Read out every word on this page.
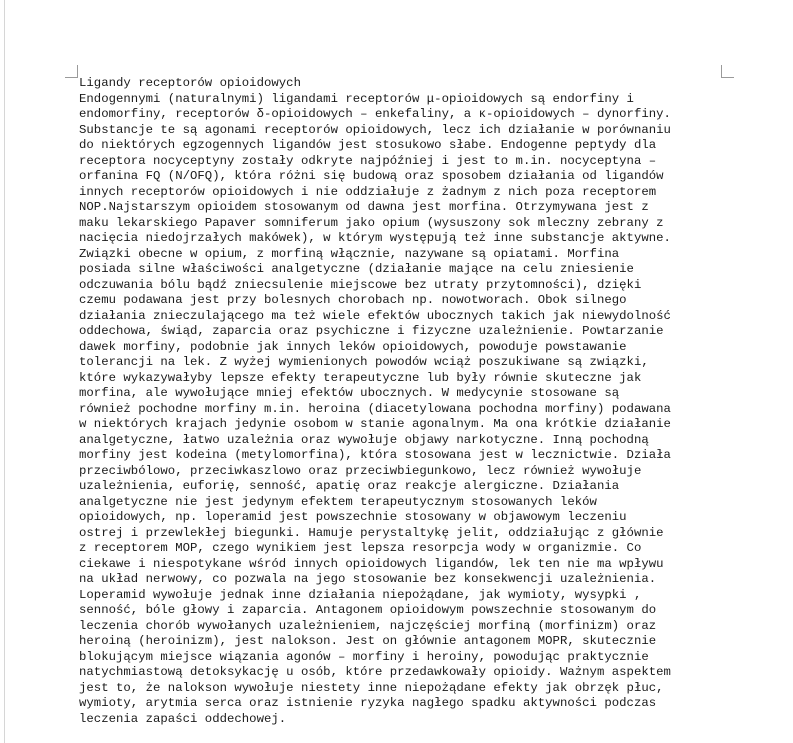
Ligandy receptorów opioidowych
Endogennymi (naturalnymi) ligandami receptorów μ-opioidowych są endorfiny i
endomorfiny, receptorów δ-opioidowych – enkefaliny, a κ-opioidowych – dynorfiny.
Substancje te są agonami receptorów opioidowych, lecz ich działanie w porównaniu
do niektórych egzogennych ligandów jest stosukowo słabe. Endogenne peptydy dla
receptora nocyceptyny zostały odkryte najpóźniej i jest to m.in. nocyceptyna –
orfanina FQ (N/OFQ), która różni się budową oraz sposobem działania od ligandów
innych receptorów opioidowych i nie oddziałuje z żadnym z nich poza receptorem
NOP.Najstarszym opioidem stosowanym od dawna jest morfina. Otrzymywana jest z
maku lekarskiego Papaver somniferum jako opium (wysuszony sok mleczny zebrany z
nacięcia niedojrzałych makówek), w którym występują też inne substancje aktywne.
Związki obecne w opium, z morfiną włącznie, nazywane są opiatami. Morfina
posiada silne właściwości analgetyczne (działanie mające na celu zniesienie
odczuwania bólu bądź zniecsulenie miejscowe bez utraty przytomności), dzięki
czemu podawana jest przy bolesnych chorobach np. nowotworach. Obok silnego
działania znieczulającego ma też wiele efektów ubocznych takich jak niewydolność
oddechowa, świąd, zaparcia oraz psychiczne i fizyczne uzależnienie. Powtarzanie
dawek morfiny, podobnie jak innych leków opioidowych, powoduje powstawanie
tolerancji na lek. Z wyżej wymienionych powodów wciąż poszukiwane są związki,
które wykazywałyby lepsze efekty terapeutyczne lub były równie skuteczne jak
morfina, ale wywołujące mniej efektów ubocznych. W medycynie stosowane są
również pochodne morfiny m.in. heroina (diacetylowana pochodna morfiny) podawana
w niektórych krajach jedynie osobom w stanie agonalnym. Ma ona krótkie działanie
analgetyczne, łatwo uzależnia oraz wywołuje objawy narkotyczne. Inną pochodną
morfiny jest kodeina (metylomorfina), która stosowana jest w lecznictwie. Działa
przeciwbólowo, przeciwkaszlowo oraz przeciwbiegunkowo, lecz również wywołuje
uzależnienia, euforię, senność, apatię oraz reakcje alergiczne. Działania
analgetyczne nie jest jedynym efektem terapeutycznym stosowanych leków
opioidowych, np. loperamid jest powszechnie stosowany w objawowym leczeniu
ostrej i przewlekłej biegunki. Hamuje perystaltykę jelit, oddziałując z głównie
z receptorem MOP, czego wynikiem jest lepsza resorpcja wody w organizmie. Co
ciekawe i niespotykane wśród innych opioidowych ligandów, lek ten nie ma wpływu
na układ nerwowy, co pozwala na jego stosowanie bez konsekwencji uzależnienia.
Loperamid wywołuje jednak inne działania niepożądane, jak wymioty, wysypki ,
senność, bóle głowy i zaparcia. Antagonem opioidowym powszechnie stosowanym do
leczenia chorób wywołanych uzależnieniem, najczęściej morfiną (morfinizm) oraz
heroiną (heroinizm), jest nalokson. Jest on głównie antagonem MOPR, skutecznie
blokującym miejsce wiązania agonów – morfiny i heroiny, powodując praktycznie
natychmiastową detoksykację u osób, które przedawkowały opioidy. Ważnym aspektem
jest to, że nalokson wywołuje niestety inne niepożądane efekty jak obrzęk płuc,
wymioty, arytmia serca oraz istnienie ryzyka nagłego spadku aktywności podczas
leczenia zapaści oddechowej.
